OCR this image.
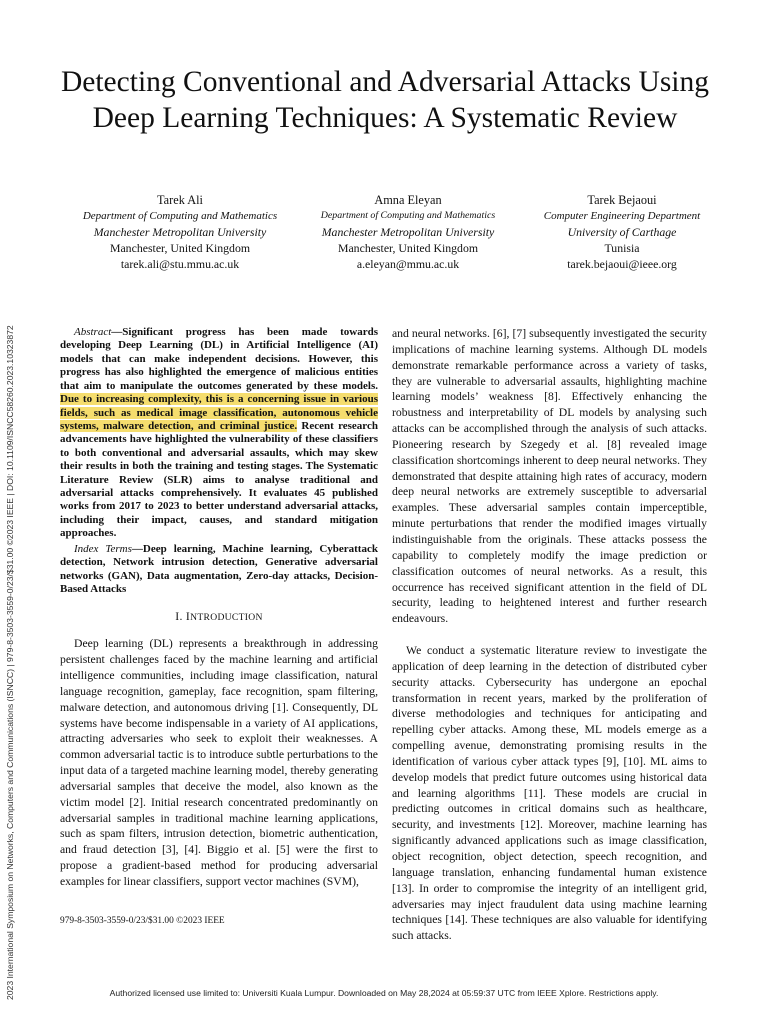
2023 International Symposium on Networks, Computers and Communications (ISNCC) | 979-8-3503-3559-0/23/$31.00 ©2023 IEEE | DOI: 10.1109/ISNCC58260.2023.10323872
Detecting Conventional and Adversarial Attacks Using Deep Learning Techniques: A Systematic Review
Tarek Ali
Department of Computing and Mathematics
Manchester Metropolitan University
Manchester, United Kingdom
tarek.ali@stu.mmu.ac.uk
Amna Eleyan
Department of Computing and Mathematics
Manchester Metropolitan University
Manchester, United Kingdom
a.eleyan@mmu.ac.uk
Tarek Bejaoui
Computer Engineering Department
University of Carthage
Tunisia
tarek.bejaoui@ieee.org

Abstract—Significant progress has been made towards developing Deep Learning (DL) in Artificial Intelligence (AI) models that can make independent decisions. However, this progress has also highlighted the emergence of malicious entities that aim to manipulate the outcomes generated by these models. Due to increasing complexity, this is a concerning issue in various fields, such as medical image classification, autonomous vehicle systems, malware detection, and criminal justice. Recent research advancements have highlighted the vulnerability of these classifiers to both conventional and adversarial assaults, which may skew their results in both the training and testing stages. The Systematic Literature Review (SLR) aims to analyse traditional and adversarial attacks comprehensively. It evaluates 45 published works from 2017 to 2023 to better understand adversarial attacks, including their impact, causes, and standard mitigation approaches.

Index Terms—Deep learning, Machine learning, Cyberattack detection, Network intrusion detection, Generative adversarial networks (GAN), Data augmentation, Zero-day attacks, Decision-Based Attacks

I. INTRODUCTION

Deep learning (DL) represents a breakthrough in addressing persistent challenges faced by the machine learning and artificial intelligence communities, including image classification, natural language recognition, gameplay, face recognition, spam filtering, malware detection, and autonomous driving [1]. Consequently, DL systems have become indispensable in a variety of AI applications, attracting adversaries who seek to exploit their weaknesses. A common adversarial tactic is to introduce subtle perturbations to the input data of a targeted machine learning model, thereby generating adversarial samples that deceive the model, also known as the victim model [2]. Initial research concentrated predominantly on adversarial samples in traditional machine learning applications, such as spam filters, intrusion detection, biometric authentication, and fraud detection [3], [4]. Biggio et al. [5] were the first to propose a gradient-based method for producing adversarial examples for linear classifiers, support vector machines (SVM),

979-8-3503-3559-0/23/$31.00 ©2023 IEEE

and neural networks. [6], [7] subsequently investigated the security implications of machine learning systems. Although DL models demonstrate remarkable performance across a variety of tasks, they are vulnerable to adversarial assaults, highlighting machine learning models’ weakness [8]. Effectively enhancing the robustness and interpretability of DL models by analysing such attacks can be accomplished through the analysis of such attacks. Pioneering research by Szegedy et al. [8] revealed image classification shortcomings inherent to deep neural networks. They demonstrated that despite attaining high rates of accuracy, modern deep neural networks are extremely susceptible to adversarial examples. These adversarial samples contain imperceptible, minute perturbations that render the modified images virtually indistinguishable from the originals. These attacks possess the capability to completely modify the image prediction or classification outcomes of neural networks. As a result, this occurrence has received significant attention in the field of DL security, leading to heightened interest and further research endeavours.

We conduct a systematic literature review to investigate the application of deep learning in the detection of distributed cyber security attacks. Cybersecurity has undergone an epochal transformation in recent years, marked by the proliferation of diverse methodologies and techniques for anticipating and repelling cyber attacks. Among these, ML models emerge as a compelling avenue, demonstrating promising results in the identification of various cyber attack types [9], [10]. ML aims to develop models that predict future outcomes using historical data and learning algorithms [11]. These models are crucial in predicting outcomes in critical domains such as healthcare, security, and investments [12]. Moreover, machine learning has significantly advanced applications such as image classification, object recognition, object detection, speech recognition, and language translation, enhancing fundamental human existence [13]. In order to compromise the integrity of an intelligent grid, adversaries may inject fraudulent data using machine learning techniques [14]. These techniques are also valuable for identifying such attacks.

Authorized licensed use limited to: Universiti Kuala Lumpur. Downloaded on May 28,2024 at 05:59:37 UTC from IEEE Xplore. Restrictions apply.
